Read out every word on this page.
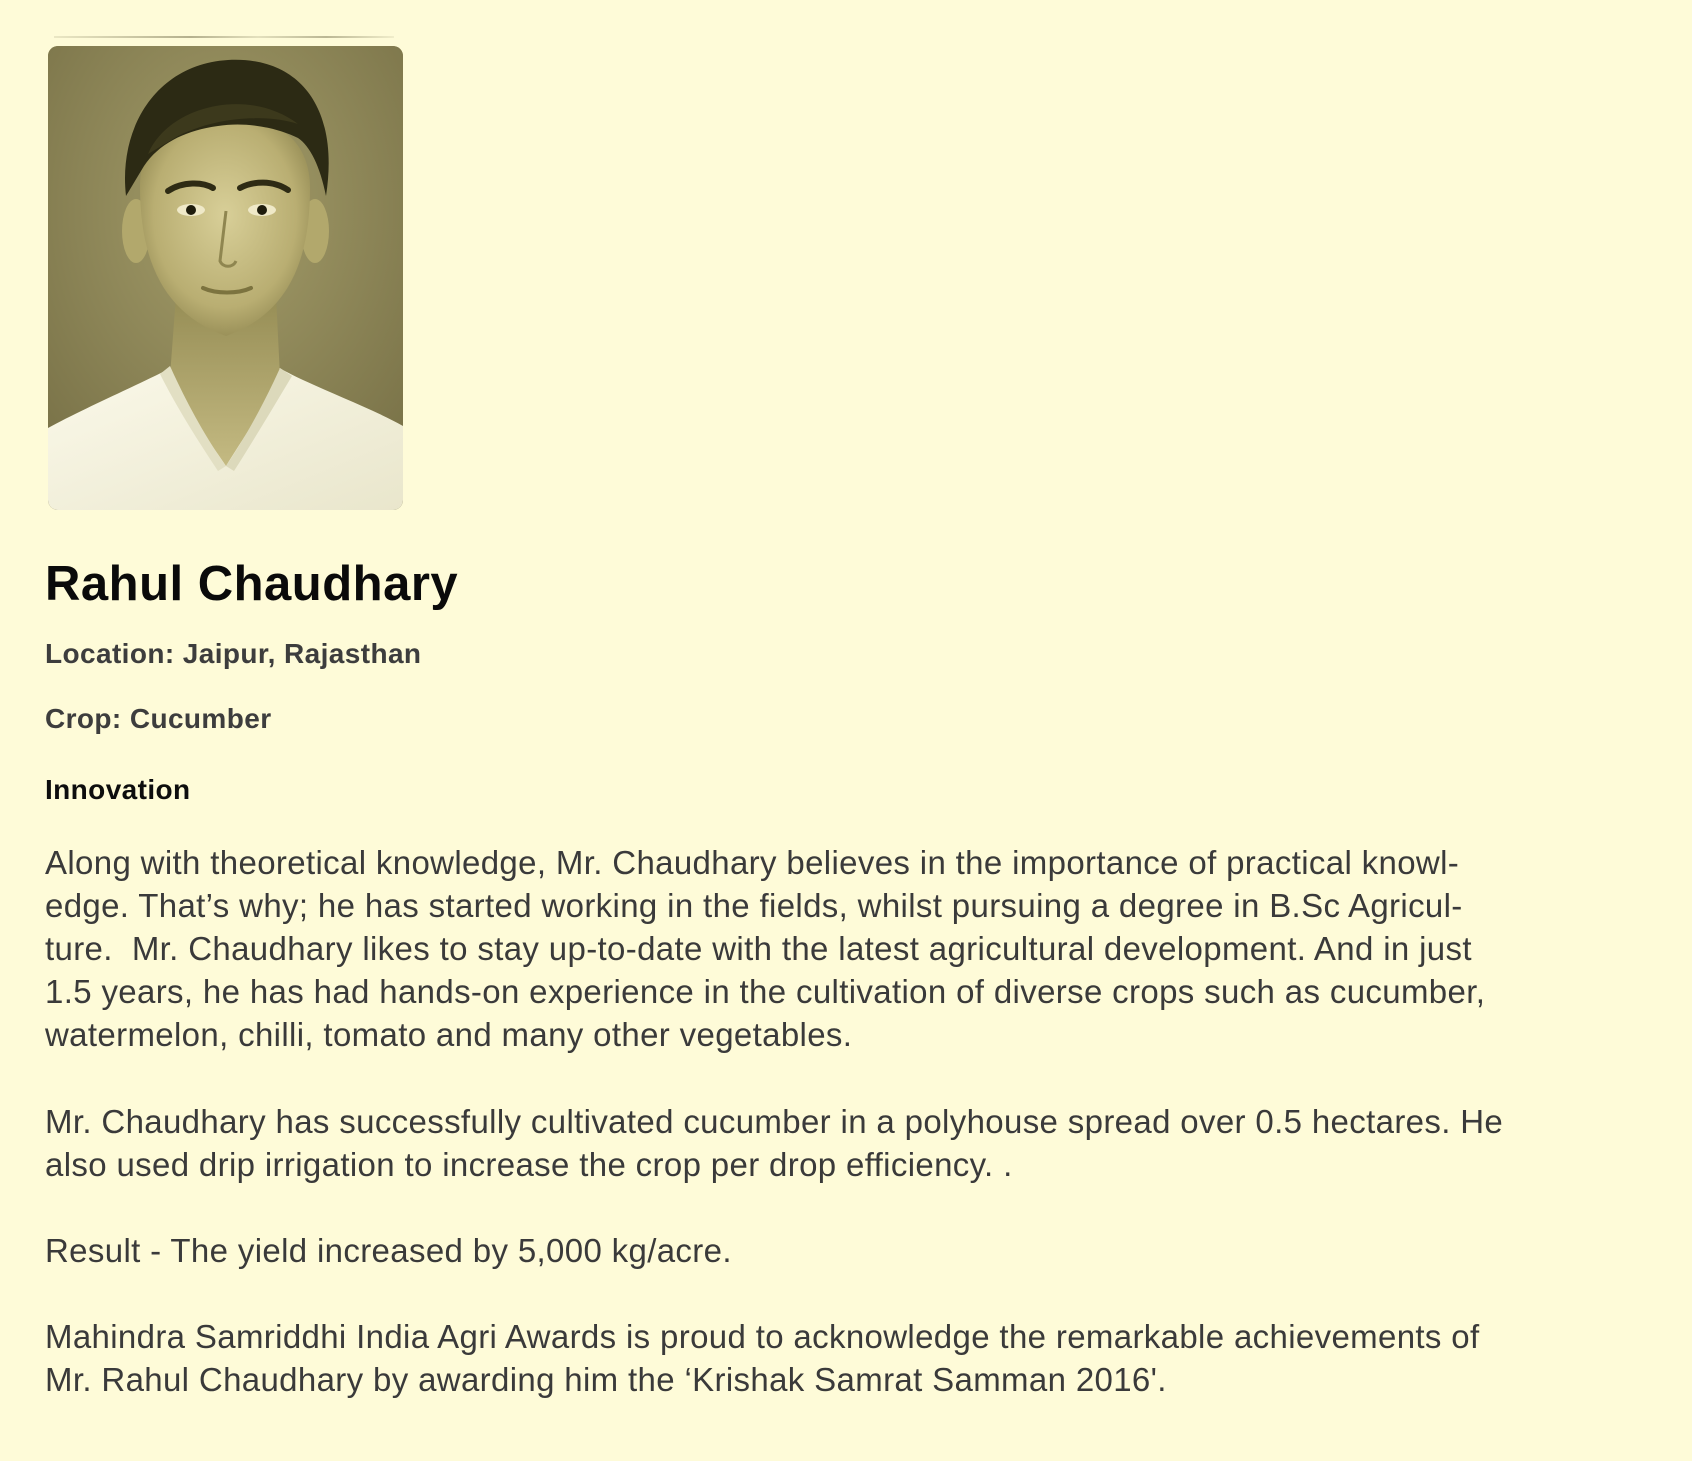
Rahul Chaudhary

Location: Jaipur, Rajasthan

Crop: Cucumber

Innovation

Along with theoretical knowledge, Mr. Chaudhary believes in the importance of practical knowl-
edge. That’s why; he has started working in the fields, whilst pursuing a degree in B.Sc Agricul-
ture.  Mr. Chaudhary likes to stay up-to-date with the latest agricultural development. And in just
1.5 years, he has had hands-on experience in the cultivation of diverse crops such as cucumber,
watermelon, chilli, tomato and many other vegetables.

Mr. Chaudhary has successfully cultivated cucumber in a polyhouse spread over 0.5 hectares. He
also used drip irrigation to increase the crop per drop efficiency. .

Result - The yield increased by 5,000 kg/acre.

Mahindra Samriddhi India Agri Awards is proud to acknowledge the remarkable achievements of
Mr. Rahul Chaudhary by awarding him the ‘Krishak Samrat Samman 2016'.
